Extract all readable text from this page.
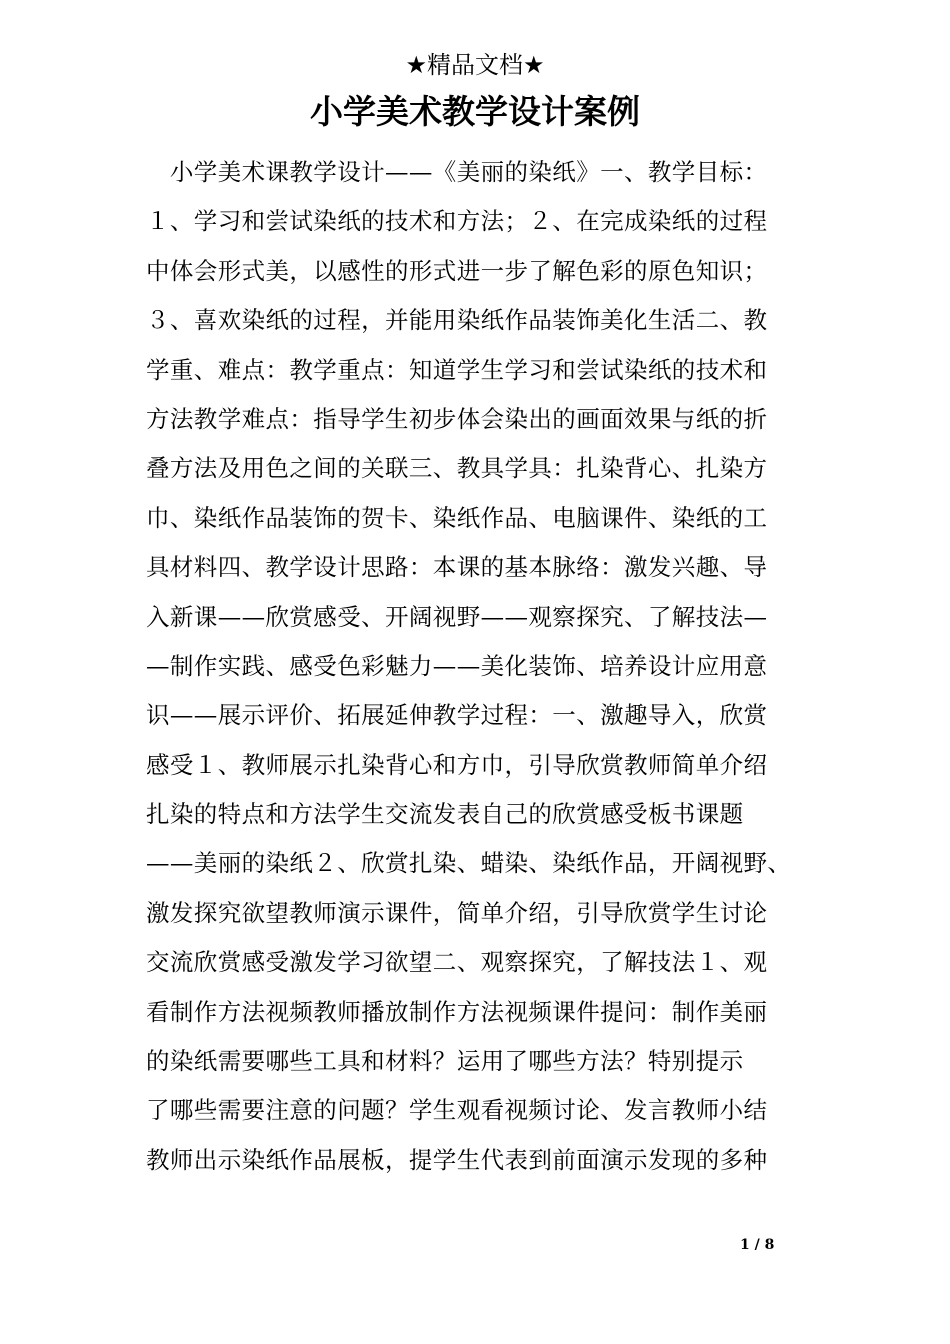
★精品文档★
小学美术教学设计案例
　小学美术课教学设计——《美丽的染纸》一、教学目标：
１、学习和尝试染纸的技术和方法；２、在完成染纸的过程
中体会形式美，以感性的形式进一步了解色彩的原色知识；
３、喜欢染纸的过程，并能用染纸作品装饰美化生活二、教
学重、难点：教学重点：知道学生学习和尝试染纸的技术和
方法教学难点：指导学生初步体会染出的画面效果与纸的折
叠方法及用色之间的关联三、教具学具：扎染背心、扎染方
巾、染纸作品装饰的贺卡、染纸作品、电脑课件、染纸的工
具材料四、教学设计思路：本课的基本脉络：激发兴趣、导
入新课——欣赏感受、开阔视野——观察探究、了解技法—
—制作实践、感受色彩魅力——美化装饰、培养设计应用意
识——展示评价、拓展延伸教学过程：一、激趣导入，欣赏
感受１、教师展示扎染背心和方巾，引导欣赏教师简单介绍
扎染的特点和方法学生交流发表自己的欣赏感受板书课题
——美丽的染纸２、欣赏扎染、蜡染、染纸作品，开阔视野、
激发探究欲望教师演示课件，简单介绍，引导欣赏学生讨论
交流欣赏感受激发学习欲望二、观察探究，了解技法１、观
看制作方法视频教师播放制作方法视频课件提问：制作美丽
的染纸需要哪些工具和材料？运用了哪些方法？特别提示
了哪些需要注意的问题？学生观看视频讨论、发言教师小结
教师出示染纸作品展板，提学生代表到前面演示发现的多种
1 / 8
